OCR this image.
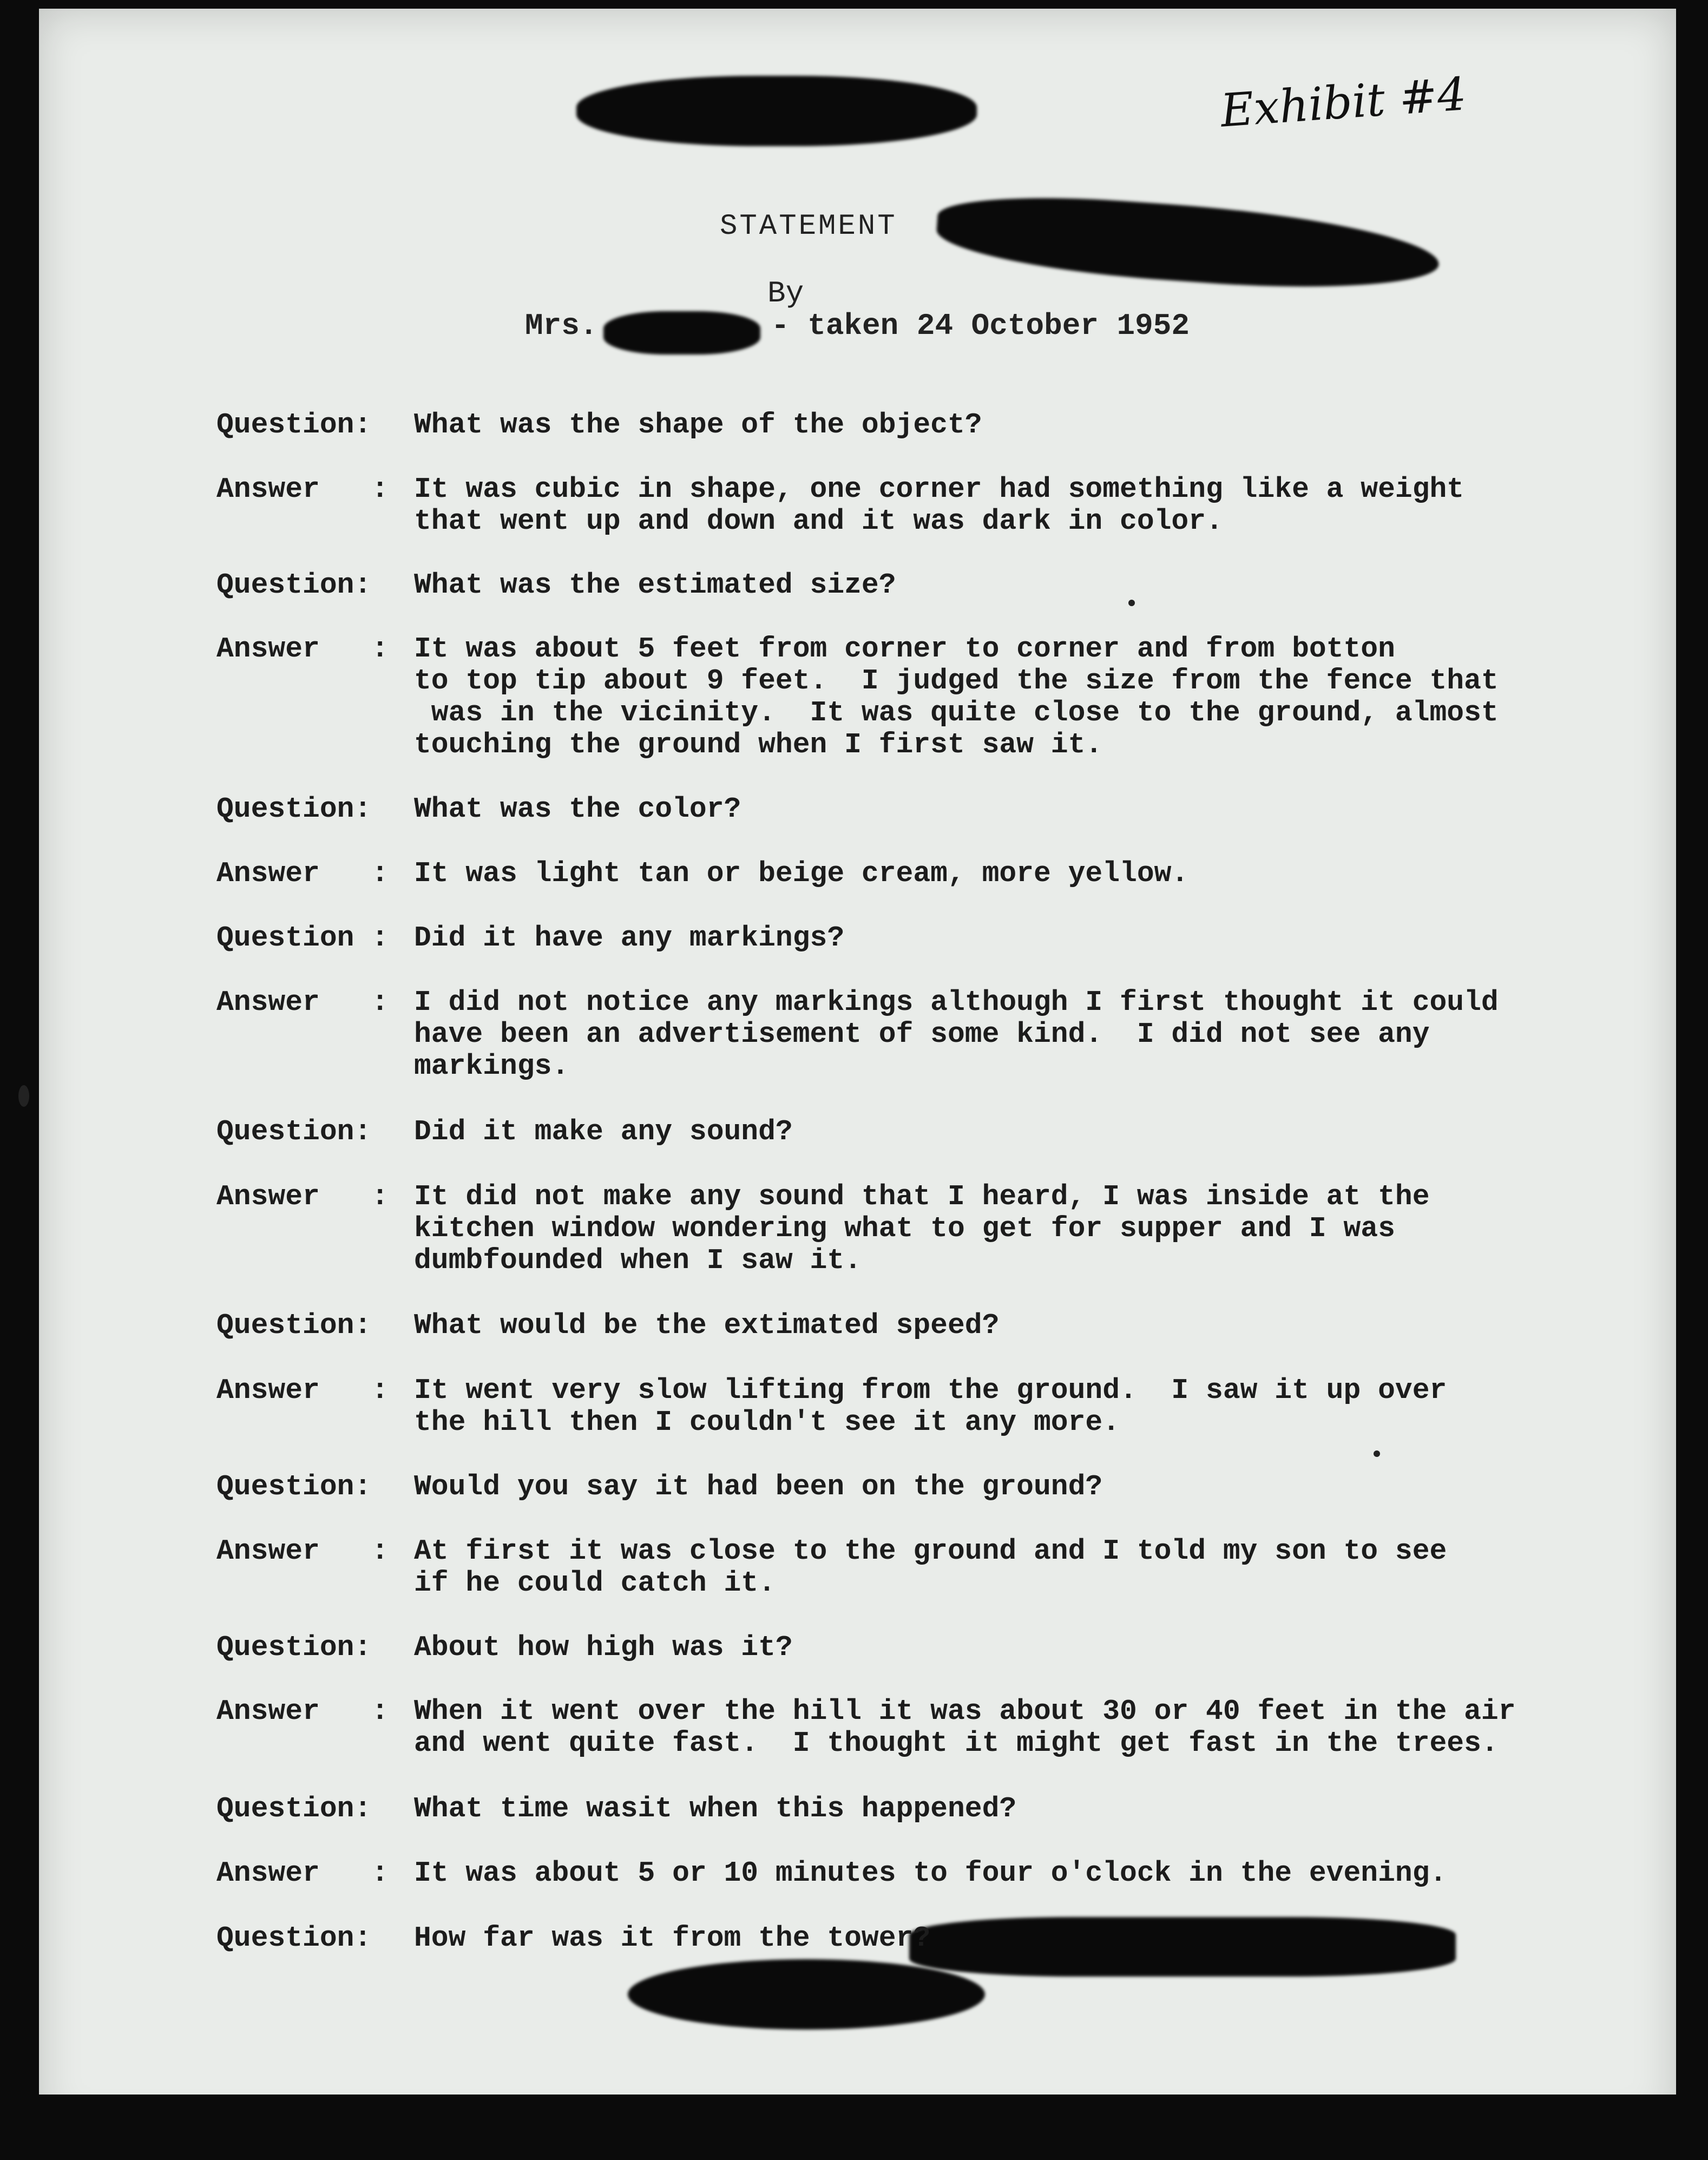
Exhibit #4
STATEMENT
By
Mrs.	- taken 24 October 1952
Question:	What was the shape of the object?
Answer   : It was cubic in shape, one corner had something like a weight
that went up and down and it was dark in color.
Question:	What was the estimated size?
Answer   : It was about 5 feet from corner to corner and from botton
to top tip about 9 feet.  I judged the size from the fence that
was in the vicinity.  It was quite close to the ground, almost
touching the ground when I first saw it.
Question:	What was the color?
Answer   : It was light tan or beige cream, more yellow.
Question : Did it have any markings?
Answer   : I did not notice any markings although I first thought it could
have been an advertisement of some kind.  I did not see any
markings.
Question:	Did it make any sound?
Answer   : It did not make any sound that I heard, I was inside at the
kitchen window wondering what to get for supper and I was
dumbfounded when I saw it.
Question:	What would be the extimated speed?
Answer   : It went very slow lifting from the ground.  I saw it up over
the hill then I couldn't see it any more.
Question:	Would you say it had been on the ground?
Answer   : At first it was close to the ground and I told my son to see
if he could catch it.
Question:	About how high was it?
Answer   : When it went over the hill it was about 30 or 40 feet in the air
and went quite fast.  I thought it might get fast in the trees.
Question:	What time wasit when this happened?
Answer   : It was about 5 or 10 minutes to four o'clock in the evening.
Question:	How far was it from the tower?
